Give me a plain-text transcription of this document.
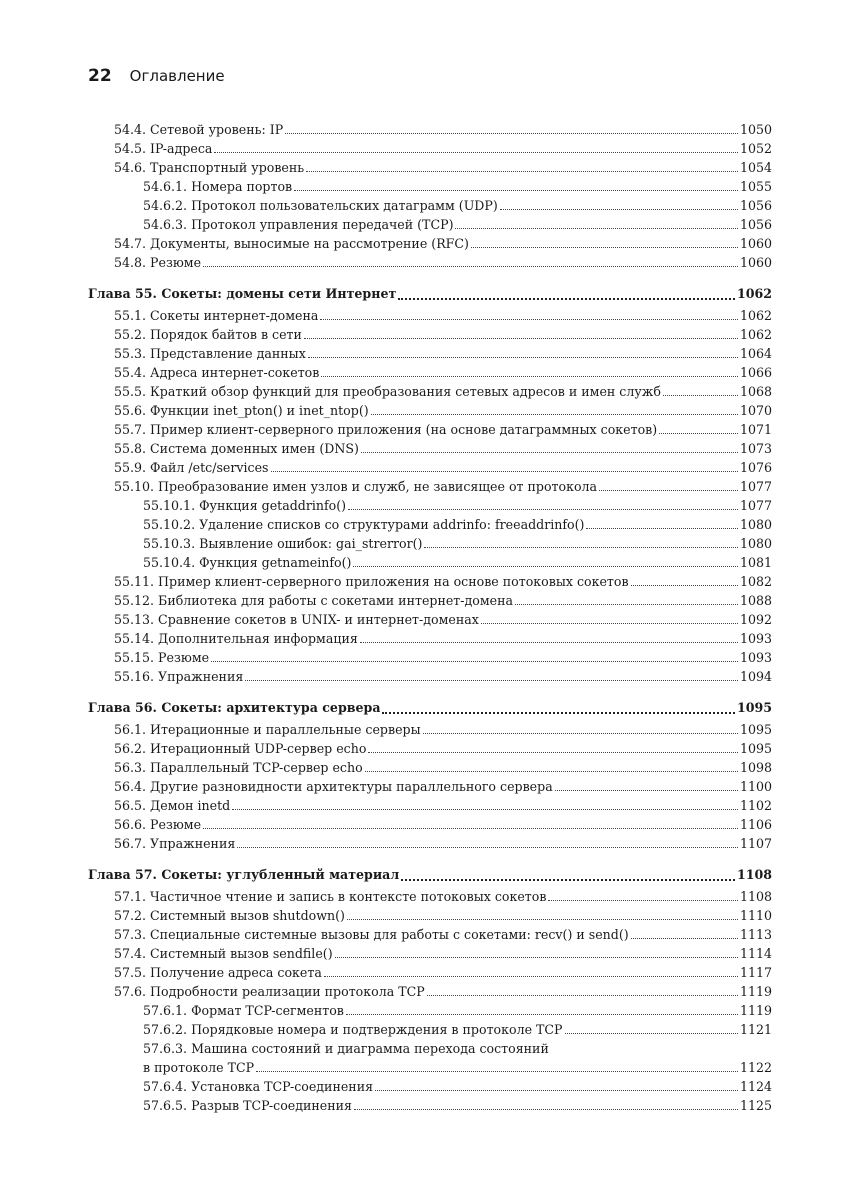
22 Оглавление
54.4. Сетевой уровень: IP	1050
54.5. IP-адреса	1052
54.6. Транспортный уровень	1054
54.6.1. Номера портов	1055
54.6.2. Протокол пользовательских датаграмм (UDP)	1056
54.6.3. Протокол управления передачей (TCP)	1056
54.7. Документы, выносимые на рассмотрение (RFC)	1060
54.8. Резюме	1060
Глава 55. Сокеты: домены сети Интернет	1062
55.1. Сокеты интернет-домена	1062
55.2. Порядок байтов в сети	1062
55.3. Представление данных	1064
55.4. Адреса интернет-сокетов	1066
55.5. Краткий обзор функций для преобразования сетевых адресов и имен служб	1068
55.6. Функции inet_pton() и inet_ntop()	1070
55.7. Пример клиент-серверного приложения (на основе датаграммных сокетов)	1071
55.8. Система доменных имен (DNS)	1073
55.9. Файл /etc/services	1076
55.10. Преобразование имен узлов и служб, не зависящее от протокола	1077
55.10.1. Функция getaddrinfo()	1077
55.10.2. Удаление списков со структурами addrinfo: freeaddrinfo()	1080
55.10.3. Выявление ошибок: gai_strerror()	1080
55.10.4. Функция getnameinfo()	1081
55.11. Пример клиент-серверного приложения на основе потоковых сокетов	1082
55.12. Библиотека для работы с сокетами интернет-домена	1088
55.13. Сравнение сокетов в UNIX- и интернет-доменах	1092
55.14. Дополнительная информация	1093
55.15. Резюме	1093
55.16. Упражнения	1094
Глава 56. Сокеты: архитектура сервера	1095
56.1. Итерационные и параллельные серверы	1095
56.2. Итерационный UDP-сервер echo	1095
56.3. Параллельный TCP-сервер echo	1098
56.4. Другие разновидности архитектуры параллельного сервера	1100
56.5. Демон inetd	1102
56.6. Резюме	1106
56.7. Упражнения	1107
Глава 57. Сокеты: углубленный материал	1108
57.1. Частичное чтение и запись в контексте потоковых сокетов	1108
57.2. Системный вызов shutdown()	1110
57.3. Специальные системные вызовы для работы с сокетами: recv() и send()	1113
57.4. Системный вызов sendfile()	1114
57.5. Получение адреса сокета	1117
57.6. Подробности реализации протокола TCP	1119
57.6.1. Формат TCP-сегментов	1119
57.6.2. Порядковые номера и подтверждения в протоколе TCP	1121
57.6.3. Машина состояний и диаграмма перехода состояний
в протоколе TCP	1122
57.6.4. Установка TCP-соединения	1124
57.6.5. Разрыв TCP-соединения	1125
